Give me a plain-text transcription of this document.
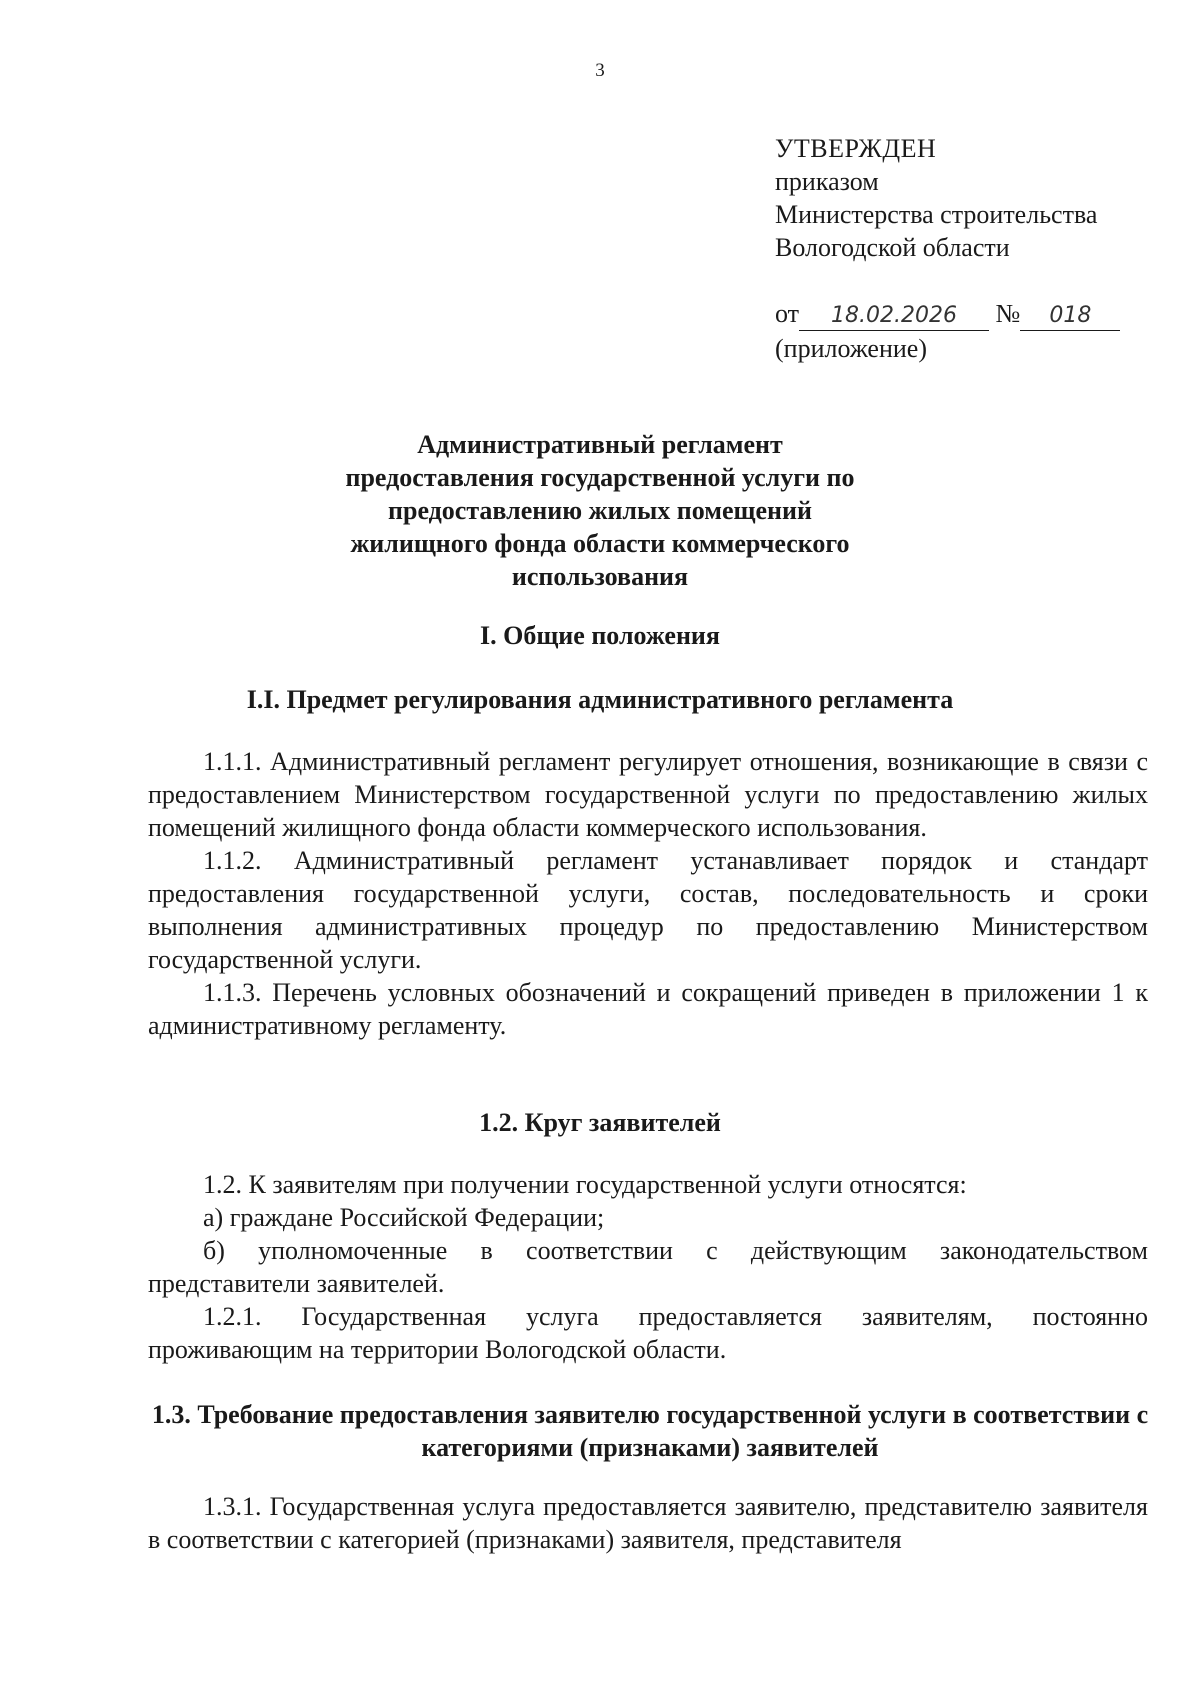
3
УТВЕРЖДЕН
приказом
Министерства строительства
Вологодской области
от 18.02.2026 № 018
(приложение)
Административный регламент
предоставления государственной услуги по
предоставлению жилых помещений
жилищного фонда области коммерческого
использования
I. Общие положения
I.I. Предмет регулирования административного регламента

1.1.1. Административный регламент регулирует отношения, возникающие в связи с предоставлением Министерством государственной услуги по предоставлению жилых помещений жилищного фонда области коммерческого использования.

1.1.2. Административный регламент устанавливает порядок и стандарт предоставления государственной услуги, состав, последовательность и сроки выполнения административных процедур по предоставлению Министерством государственной услуги.

1.1.3. Перечень условных обозначений и сокращений приведен в приложении 1 к административному регламенту.

1.2. Круг заявителей

1.2. К заявителям при получении государственной услуги относятся:

а) граждане Российской Федерации;

б) уполномоченные в соответствии с действующим законодательством представители заявителей.

1.2.1. Государственная услуга предоставляется заявителям, постоянно проживающим на территории Вологодской области.

1.3. Требование предоставления заявителю государственной услуги в соответствии с категориями (признаками) заявителей

1.3.1. Государственная услуга предоставляется заявителю, представителю заявителя в соответствии с категорией (признаками) заявителя, представителя
